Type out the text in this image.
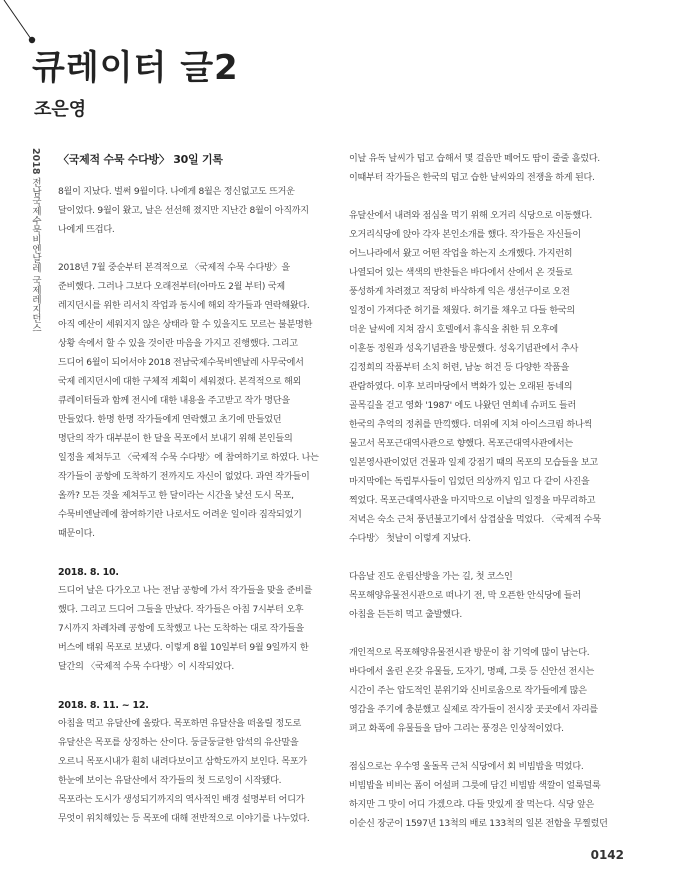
큐레이터 글2
조은영
2018 전남국제수묵비엔날레 국제레지던스

〈국제적 수묵 수다방〉 30일 기록

8월이 지났다. 벌써 9월이다. 나에게 8월은 정신없고도 뜨거운

달이었다. 9월이 왔고, 날은 선선해 졌지만 지난간 8월이 아직까지

나에게 뜨겁다.

2018년 7월 중순부터 본격적으로 〈국제적 수묵 수다방〉을

준비했다. 그러나 그보다 오래전부터(아마도 2월 부터) 국제

레지던시를 위한 리서치 작업과 동시에 해외 작가들과 연락해왔다.

아직 예산이 세워지지 않은 상태라 할 수 있을지도 모르는 불분명한

상황 속에서 할 수 있을 것이란 마음을 가지고 진행했다. 그리고

드디어 6월이 되어서야 2018 전남국제수묵비엔날레 사무국에서

국제 레지던시에 대한 구체적 계획이 세워졌다. 본격적으로 해외

큐레이터들과 함께 전시에 대한 내용을 주고받고 작가 명단을

만들었다. 한명 한명 작가들에게 연락했고 초기에 만들었던

명단의 작가 대부분이 한 달을 목포에서 보내기 위해 본인들의

일정을 제쳐두고 〈국제적 수묵 수다방〉에 참여하기로 하였다. 나는

작가들이 공항에 도착하기 전까지도 자신이 없었다. 과연 작가들이

올까? 모든 것을 제쳐두고 한 달이라는 시간을 낯선 도시 목포,

수묵비엔날레에 참여하기란 나로서도 어려운 일이라 짐작되었기

때문이다.

2018. 8. 10.

드디어 날은 다가오고 나는 전남 공항에 가서 작가들을 맞을 준비를

했다. 그리고 드디어 그들을 만났다. 작가들은 아침 7시부터 오후

7시까지 차례차례 공항에 도착했고 나는 도착하는 대로 작가들을

버스에 태워 목포로 보냈다. 이렇게 8월 10일부터 9월 9일까지 한

달간의 〈국제적 수묵 수다방〉이 시작되었다.

2018. 8. 11. ~ 12.

아침을 먹고 유달산에 올랐다. 목포하면 유달산을 떠올릴 정도로

유달산은 목포를 상징하는 산이다. 둥글둥글한 암석의 유산말을

오르니 목포시내가 훤히 내려다보이고 삼학도까지 보인다. 목포가

한눈에 보이는 유달산에서 작가들의 첫 드로잉이 시작됐다.

목포라는 도시가 생성되기까지의 역사적인 배경 설명부터 어디가

무엇이 위치해있는 등 목포에 대해 전반적으로 이야기를 나누었다.

이날 유독 날씨가 덥고 습해서 몇 걸음만 떼어도 땀이 줄줄 흘렀다.

이때부터 작가들은 한국의 덥고 습한 날씨와의 전쟁을 하게 된다.

유달산에서 내려와 점심을 먹기 위해 오거리 식당으로 이동했다.

오거리식당에 앉아 각자 본인소개를 했다. 작가들은 자신들이

어느나라에서 왔고 어떤 작업을 하는지 소개했다. 가지런히

나열되어 있는 색색의 반찬들은 바다에서 산에서 온 것들로

풍성하게 차려졌고 적당히 바삭하게 익은 생선구이로 오전

일정이 가져다준 허기를 채웠다. 허기를 채우고 다들 한국의

더운 날씨에 지쳐 잠시 호텔에서 휴식을 취한 뒤 오후에

이훈동 정원과 성옥기념관을 방문했다. 성옥기념관에서 추사

김정희의 작품부터 소치 허련, 남농 허건 등 다양한 작품을

관람하였다. 이후 보리마당에서 벽화가 있는 오래된 동네의

골목길을 걷고 영화 '1987' 에도 나왔던 연희네 슈퍼도 들러

한국의 추억의 정취를 만끽했다. 더위에 지쳐 아이스크림 하나씩

물고서 목포근대역사관으로 향했다. 목포근대역사관에서는

일본영사관이었던 건물과 일제 강점기 때의 목포의 모습들을 보고

마지막에는 독립투사들이 입었던 의상까지 입고 다 같이 사진을

찍었다. 목포근대역사관을 마지막으로 이날의 일정을 마무리하고

저녁은 숙소 근처 풍년불고기에서 삼겹살을 먹었다. 〈국제적 수묵

수다방〉 첫날이 이렇게 지났다.

다음날 진도 운림산방을 가는 길, 첫 코스인

목포해양유물전시관으로 떠나기 전, 막 오픈한 안식당에 들러

아침을 든든히 먹고 출발했다.

개인적으로 목포해양유물전시관 방문이 참 기억에 많이 남는다.

바다에서 올린 온갖 유물들, 도자기, 명패, 그릇 등 신안선 전시는

시간이 주는 압도적인 분위기와 신비로움으로 작가들에게 많은

영감을 주기에 충분했고 실제로 작가들이 전시장 곳곳에서 자리를

펴고 화폭에 유물들을 담아 그리는 풍경은 인상적이었다.

점심으로는 우수영 울돌목 근처 식당에서 회 비빔밥을 먹었다.

비빔밥을 비비는 폼이 어설퍼 그릇에 담긴 비빔밥 색깔이 얼룩덜룩

하지만 그 맛이 어디 가겠으랴. 다들 맛있게 잘 먹는다. 식당 앞은

이순신 장군이 1597년 13척의 배로 133척의 일본 전함을 무찔렀던

0142
